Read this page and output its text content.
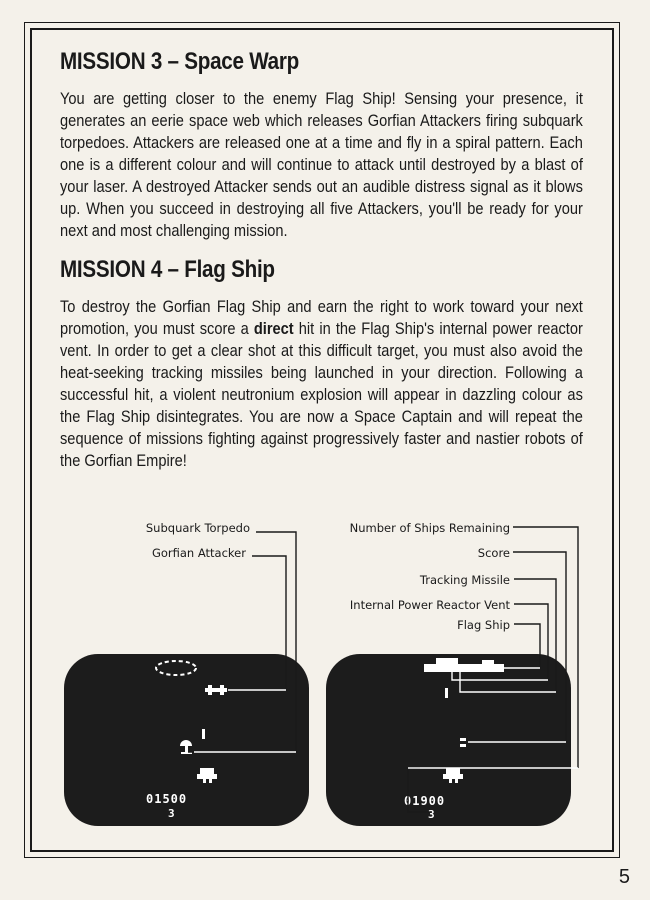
MISSION 3 – Space Warp

You are getting closer to the enemy Flag Ship! Sensing your presence, it generates an eerie space web which releases Gorfian Attackers firing subquark torpedoes. Attackers are released one at a time and fly in a spiral pattern. Each one is a different colour and will continue to attack until destroyed by a blast of your laser. A destroyed Attacker sends out an audible distress signal as it blows up. When you succeed in destroying all five Attackers, you'll be ready for your next and most challenging mission.

MISSION 4 – Flag Ship

To destroy the Gorfian Flag Ship and earn the right to work toward your next promotion, you must score a direct hit in the Flag Ship's internal power reactor vent. In order to get a clear shot at this difficult target, you must also avoid the heat-seeking tracking missiles being launched in your direction. Following a successful hit, a violent neutronium explosion will appear in dazzling colour as the Flag Ship disintegrates. You are now a Space Captain and will repeat the sequence of missions fighting against progressively faster and nastier robots of the Gorfian Empire!

Subquark Torpedo
Gorfian Attacker
Number of Ships Remaining
Score
Tracking Missile
Internal Power Reactor Vent
Flag Ship
01500
3
01900
3
5
